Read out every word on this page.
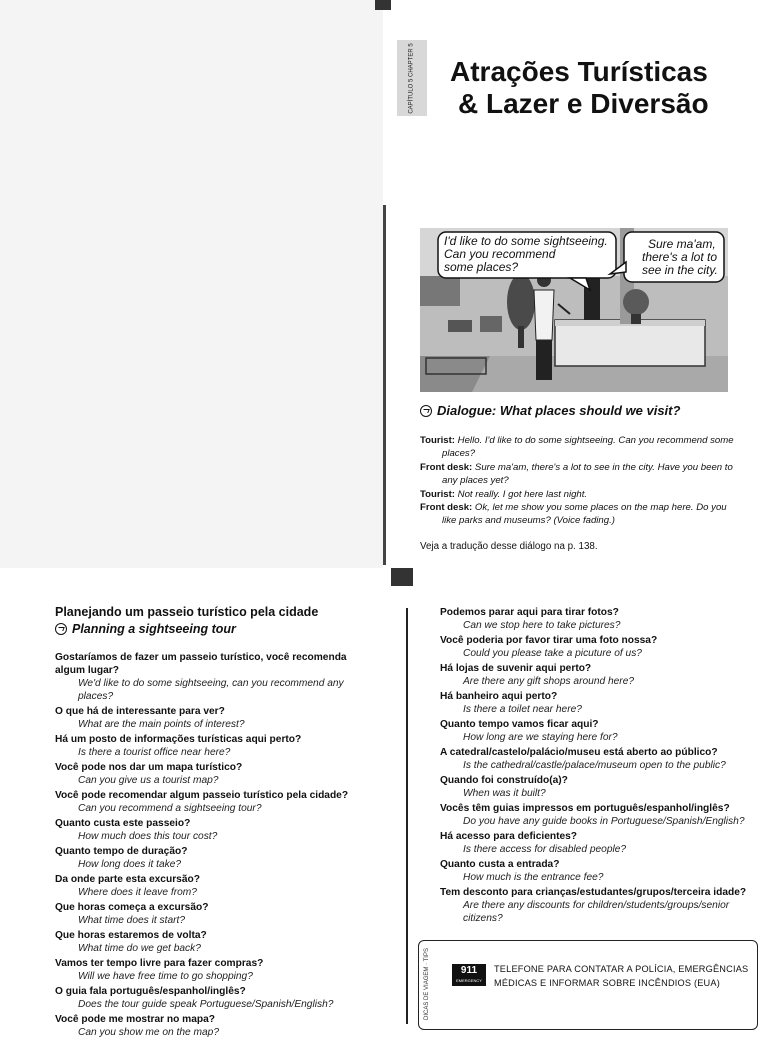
CAPÍTULO 5 CHAPTER 5 Atrações Turísticas
& Lazer e Diversão
I'd like to do some sightseeing.
Can you recommend
some places?
Sure ma'am,
there's a lot to
see in the city.
Dialogue: What places should we visit?

Tourist: Hello. I'd like to do some sightseeing. Can you recommend some places?

Front desk: Sure ma'am, there's a lot to see in the city. Have you been to any places yet?

Tourist: Not really. I got here last night.

Front desk: Ok, let me show you some places on the map here. Do you like parks and museums? (Voice fading.)

Veja a tradução desse diálogo na p. 138.
Planejando um passeio turístico pela cidade
Planning a sightseeing tour

Gostaríamos de fazer um passeio turístico, você recomenda algum lugar?

We'd like to do some sightseeing, can you recommend any places?

O que há de interessante para ver?

What are the main points of interest?

Há um posto de informações turísticas aqui perto?

Is there a tourist office near here?

Você pode nos dar um mapa turístico?

Can you give us a tourist map?

Você pode recomendar algum passeio turístico pela cidade?

Can you recommend a sightseeing tour?

Quanto custa este passeio?

How much does this tour cost?

Quanto tempo de duração?

How long does it take?

Da onde parte esta excursão?

Where does it leave from?

Que horas começa a excursão?

What time does it start?

Que horas estaremos de volta?

What time do we get back?

Vamos ter tempo livre para fazer compras?

Will we have free time to go shopping?

O guia fala português/espanhol/inglês?

Does the tour guide speak Portuguese/Spanish/English?

Você pode me mostrar no mapa?

Can you show me on the map?

Podemos parar aqui para tirar fotos?

Can we stop here to take pictures?

Você poderia por favor tirar uma foto nossa?

Could you please take a picuture of us?

Há lojas de suvenir aqui perto?

Are there any gift shops around here?

Há banheiro aqui perto?

Is there a toilet near here?

Quanto tempo vamos ficar aqui?

How long are we staying here for?

A catedral/castelo/palácio/museu está aberto ao público?

Is the cathedral/castle/palace/museum open to the public?

Quando foi construído(a)?

When was it built?

Vocês têm guias impressos em português/espanhol/inglês?

Do you have any guide books in Portuguese/Spanish/English?

Há acesso para deficientes?

Is there access for disabled people?

Quanto custa a entrada?

How much is the entrance fee?

Tem desconto para crianças/estudantes/grupos/terceira idade?

Are there any discounts for children/students/groups/senior citizens?

DICAS DE VIAGEM · TIPS	911
EMERGENCY
TELEFONE PARA CONTATAR A POLÍCIA, EMERGÊNCIAS MÉDICAS E INFORMAR SOBRE INCÊNDIOS (EUA)
